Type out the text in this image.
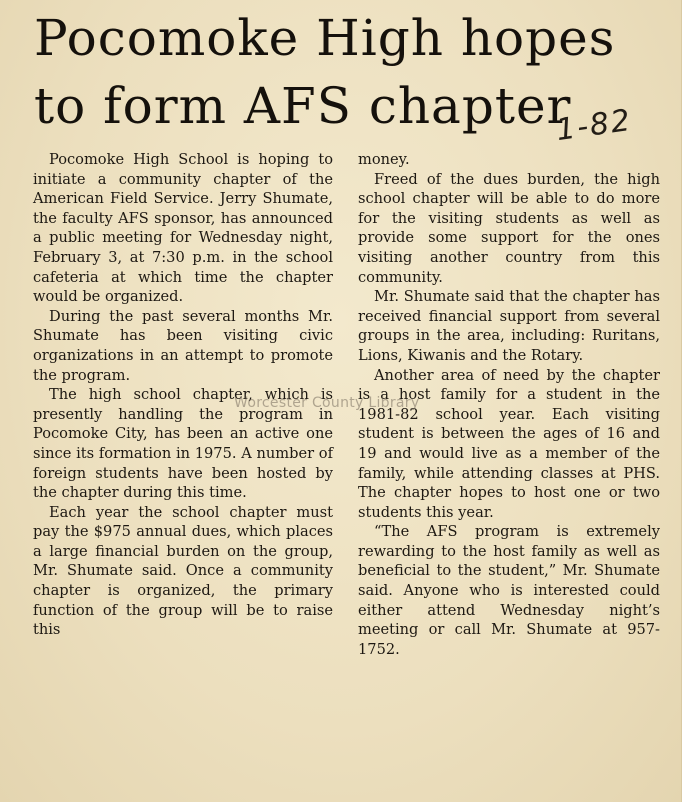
Pocomoke High hopes
to form AFS chapter
1-82

Pocomoke High School is hoping to initiate a community chapter of the American Field Service. Jerry Shumate, the faculty AFS sponsor, has announced a public meeting for Wednesday night, February 3, at 7:30 p.m. in the school cafeteria at which time the chapter would be organized.

During the past several months Mr. Shumate has been visiting civic organizations in an attempt to promote the program.

The high school chapter, which is presently handling the program in Pocomoke City, has been an active one since its formation in 1975. A number of foreign students have been hosted by the chapter during this time.

Each year the school chapter must pay the $975 annual dues, which places a large financial burden on the group, Mr. Shumate said. Once a community chapter is organized, the primary function of the group will be to raise this

money.

Freed of the dues burden, the high school chapter will be able to do more for the visiting students as well as provide some support for the ones visiting another country from this community.

Mr. Shumate said that the chapter has received financial support from several groups in the area, including: Ruritans, Lions, Kiwanis and the Rotary.

Another area of need by the chapter is a host family for a student in the 1981-82 school year. Each visiting student is between the ages of 16 and 19 and would live as a member of the family, while attending classes at PHS. The chapter hopes to host one or two students this year.

“The AFS program is extremely rewarding to the host family as well as beneficial to the student,” Mr. Shumate said. Anyone who is interested could either attend Wednesday night’s meeting or call Mr. Shumate at 957-1752.

Worcester County Library
